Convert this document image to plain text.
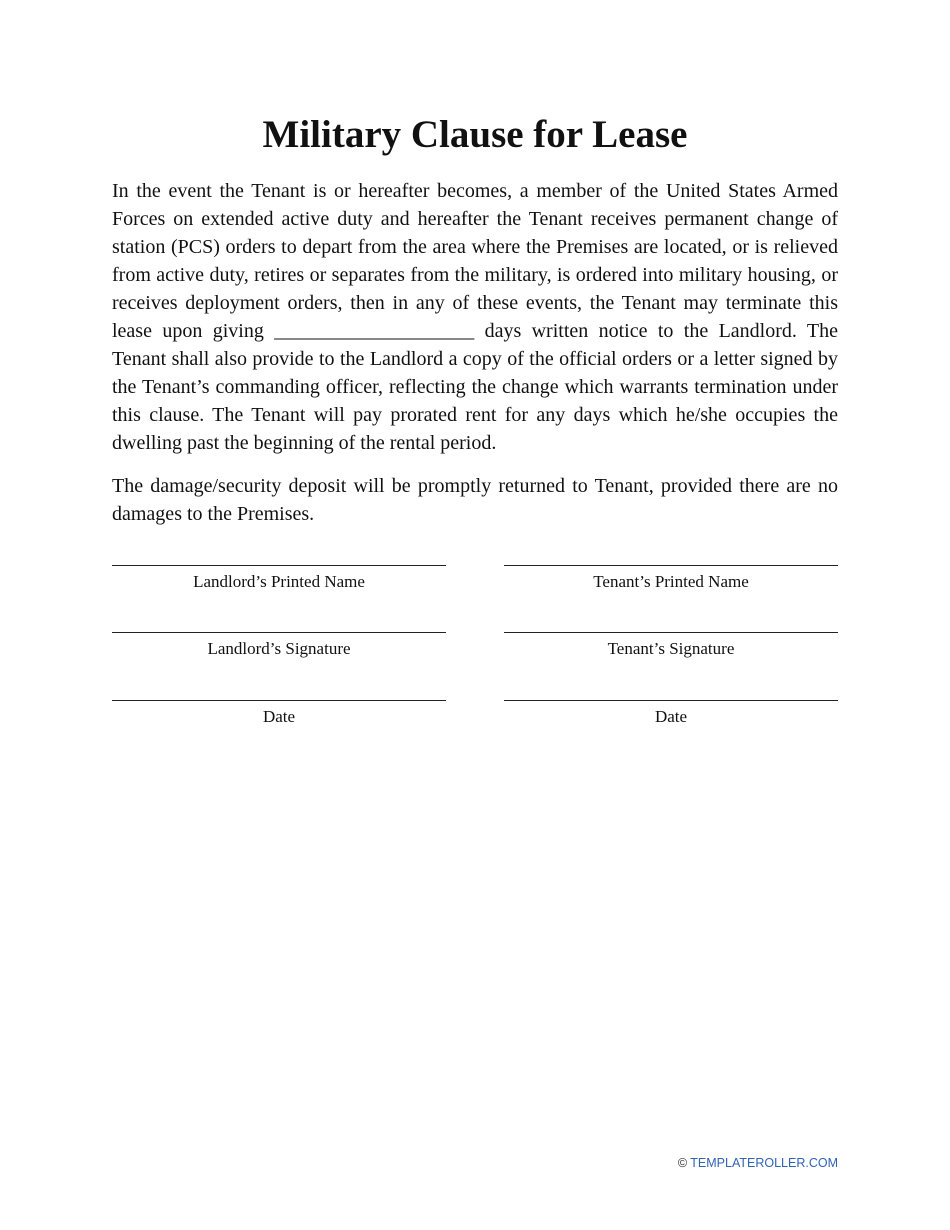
Military Clause for Lease

In the event the Tenant is or hereafter becomes, a member of the United States Armed Forces on extended active duty and hereafter the Tenant receives permanent change of station (PCS) orders to depart from the area where the Premises are located, or is relieved from active duty, retires or separates from the military, is ordered into military housing, or receives deployment orders, then in any of these events, the Tenant may terminate this lease upon giving ____________________ days written notice to the Landlord. The Tenant shall also provide to the Landlord a copy of the official orders or a letter signed by the Tenant’s commanding officer, reflecting the change which warrants termination under this clause. The Tenant will pay prorated rent for any days which he/she occupies the dwelling past the beginning of the rental period.

The damage/security deposit will be promptly returned to Tenant, provided there are no damages to the Premises.

Landlord’s Printed Name	Tenant’s Printed Name
Landlord’s Signature	Tenant’s Signature
Date	Date
© TEMPLATEROLLER.COM
